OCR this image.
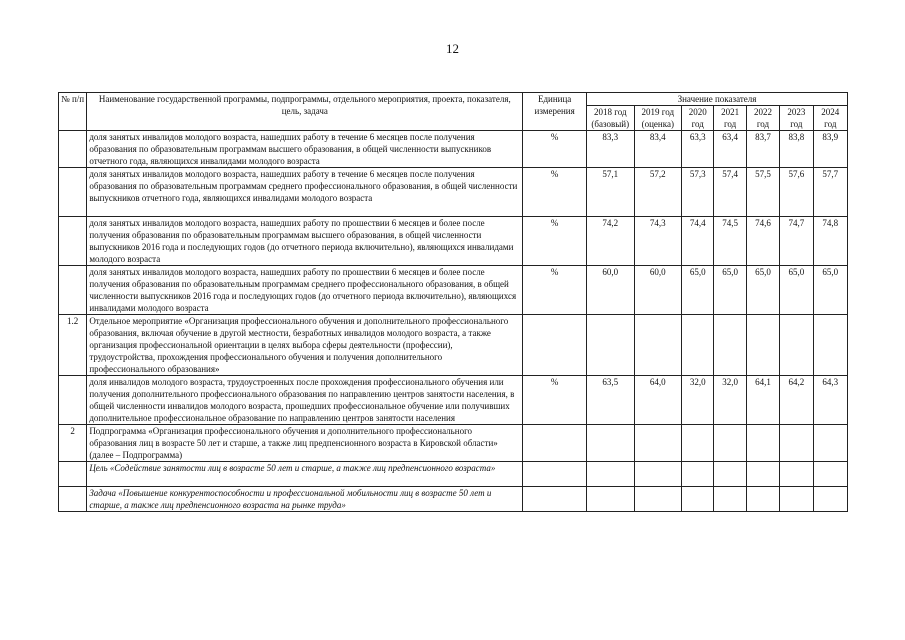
12
№ п/п	Наименование государственной программы, подпрограммы, отдельного мероприятия, проекта, показателя, цель, задача	Единица измерения	Значение показателя						
			2018 год (базовый)	2019 год (оценка)	2020 год	2021 год	2022 год	2023 год	2024 год
	доля занятых инвалидов молодого возраста, нашедших работу в течение 6 месяцев после получения образования по образовательным программам высшего образования, в общей численности выпускников отчетного года, являющихся инвалидами молодого возраста	%	83,3	83,4	63,3	63,4	83,7	83,8	83,9
	доля занятых инвалидов молодого возраста, нашедших работу в течение 6 месяцев после получения образования по образовательным программам среднего профессионального образования, в общей численности выпускников отчетного года, являющихся инвалидами молодого возраста	%	57,1	57,2	57,3	57,4	57,5	57,6	57,7
	доля занятых инвалидов молодого возраста, нашедших работу по прошествии 6 месяцев и более после получения образования по образовательным программам высшего образования, в общей численности выпускников 2016 года и последующих годов (до отчетного периода включительно), являющихся инвалидами молодого возраста	%	74,2	74,3	74,4	74,5	74,6	74,7	74,8
	доля занятых инвалидов молодого возраста, нашедших работу по прошествии 6 месяцев и более после получения образования по образовательным программам среднего профессионального образования, в общей численности выпускников 2016 года и последующих годов (до отчетного периода включительно), являющихся инвалидами молодого возраста	%	60,0	60,0	65,0	65,0	65,0	65,0	65,0
1.2	Отдельное мероприятие «Организация профессионального обучения и дополнительного профессионального образования, включая обучение в другой местности, безработных инвалидов молодого возраста, а также организация профессиональной ориентации в целях выбора сферы деятельности (профессии), трудоустройства, прохождения профессионального обучения и получения дополнительного профессионального образования»								
	доля инвалидов молодого возраста, трудоустроенных после прохождения профессионального обучения или получения дополнительного профессионального образования по направлению центров занятости населения, в общей численности инвалидов молодого возраста, прошедших профессиональное обучение или получивших дополнительное профессиональное образование по направлению центров занятости населения	%	63,5	64,0	32,0	32,0	64,1	64,2	64,3
2	Подпрограмма «Организация профессионального обучения и дополнительного профессионального образования лиц в возрасте 50 лет и старше, а также лиц предпенсионного возраста в Кировской области» (далее – Подпрограмма)								
	Цель «Содействие занятости лиц в возрасте 50 лет и старше, а также лиц предпенсионного возраста»								
	Задача «Повышение конкурентоспособности и профессиональной мобильности лиц в возрасте 50 лет и старше, а также лиц предпенсионного возраста на рынке труда»								
